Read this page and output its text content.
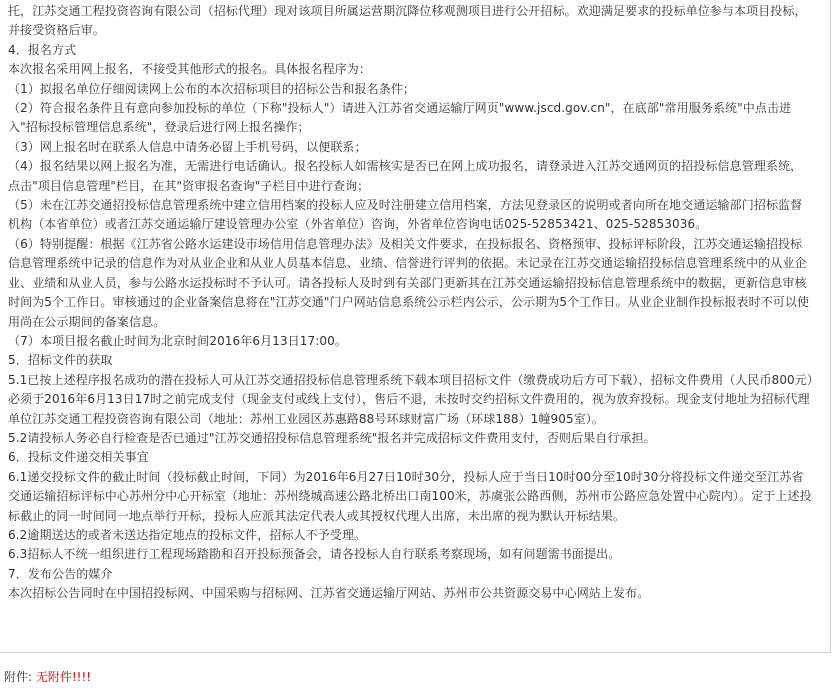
托，江苏交通工程投资咨询有限公司（招标代理）现对该项目所属运营期沉降位移观测项目进行公开招标。欢迎满足要求的投标单位参与本项目投标，并接受资格后审。

4．报名方式

本次报名采用网上报名，不接受其他形式的报名。具体报名程序为：

（1）拟报名单位仔细阅读网上公布的本次招标项目的招标公告和报名条件；

（2）符合报名条件且有意向参加投标的单位（下称"投标人"）请进入江苏省交通运输厅网页"www.jscd.gov.cn"，在底部"常用服务系统"中点击进入"招标投标管理信息系统"，登录后进行网上报名操作；

（3）网上报名时在联系人信息中请务必留上手机号码，以便联系；

（4）报名结果以网上报名为准，无需进行电话确认。报名投标人如需核实是否已在网上成功报名，请登录进入江苏交通网页的招投标信息管理系统，点击"项目信息管理"栏目，在其"资审报名查询"子栏目中进行查询；

（5）未在江苏交通招投标信息管理系统中建立信用档案的投标人应及时注册建立信用档案，方法见登录区的说明或者向所在地交通运输部门招标监督机构（本省单位）或者江苏交通运输厅建设管理办公室（外省单位）咨询，外省单位咨询电话025-52853421、025-52853036。

（6）特别提醒：根据《江苏省公路水运建设市场信用信息管理办法》及相关文件要求，在投标报名、资格预审、投标评标阶段，江苏交通运输招投标信息管理系统中记录的信息作为对从业企业和从业人员基本信息、业绩、信誉进行评判的依据。未记录在江苏交通运输招投标信息管理系统中的从业企业、业绩和从业人员，参与公路水运投标时不予认可。请各投标人及时到有关部门更新其在江苏交通运输招投标信息管理系统中的数据，更新信息审核时间为5个工作日。审核通过的企业备案信息将在"江苏交通"门户网站信息系统公示栏内公示，公示期为5个工作日。从业企业制作投标报表时不可以使用尚在公示期间的备案信息。

（7）本项目报名截止时间为北京时间2016年6月13日17:00。

5．招标文件的获取

5.1已按上述程序报名成功的潜在投标人可从江苏交通招投标信息管理系统下载本项目招标文件（缴费成功后方可下载），招标文件费用（人民币800元）必须于2016年6月13日17时之前完成支付（现金支付或线上支付），售后不退，未按时交约招标文件费用的，视为放弃投标。现金支付地址为招标代理单位江苏交通工程投资咨询有限公司（地址：苏州工业园区苏惠路88号环球财富广场（环球188）1幢905室）。

5.2请投标人务必自行检查是否已通过"江苏交通招投标信息管理系统"报名并完成招标文件费用支付，否则后果自行承担。

6．投标文件递交相关事宜

6.1递交投标文件的截止时间（投标截止时间，下同）为2016年6月27日10时30分，投标人应于当日10时00分至10时30分将投标文件递交至江苏省交通运输招标评标中心苏州分中心开标室（地址：苏州绕城高速公路北桥出口南100米，苏虞张公路西侧，苏州市公路应急处置中心院内）。定于上述投标截止的同一时间同一地点举行开标，投标人应派其法定代表人或其授权代理人出席，未出席的视为默认开标结果。

6.2逾期送达的或者未送达指定地点的投标文件，招标人不予受理。

6.3招标人不统一组织进行工程现场踏勘和召开投标预备会，请各投标人自行联系考察现场，如有问题需书面提出。

7．发布公告的媒介

本次招标公告同时在中国招投标网、中国采购与招标网、江苏省交通运输厅网站、苏州市公共资源交易中心网站上发布。

附件: 无附件!!!!
